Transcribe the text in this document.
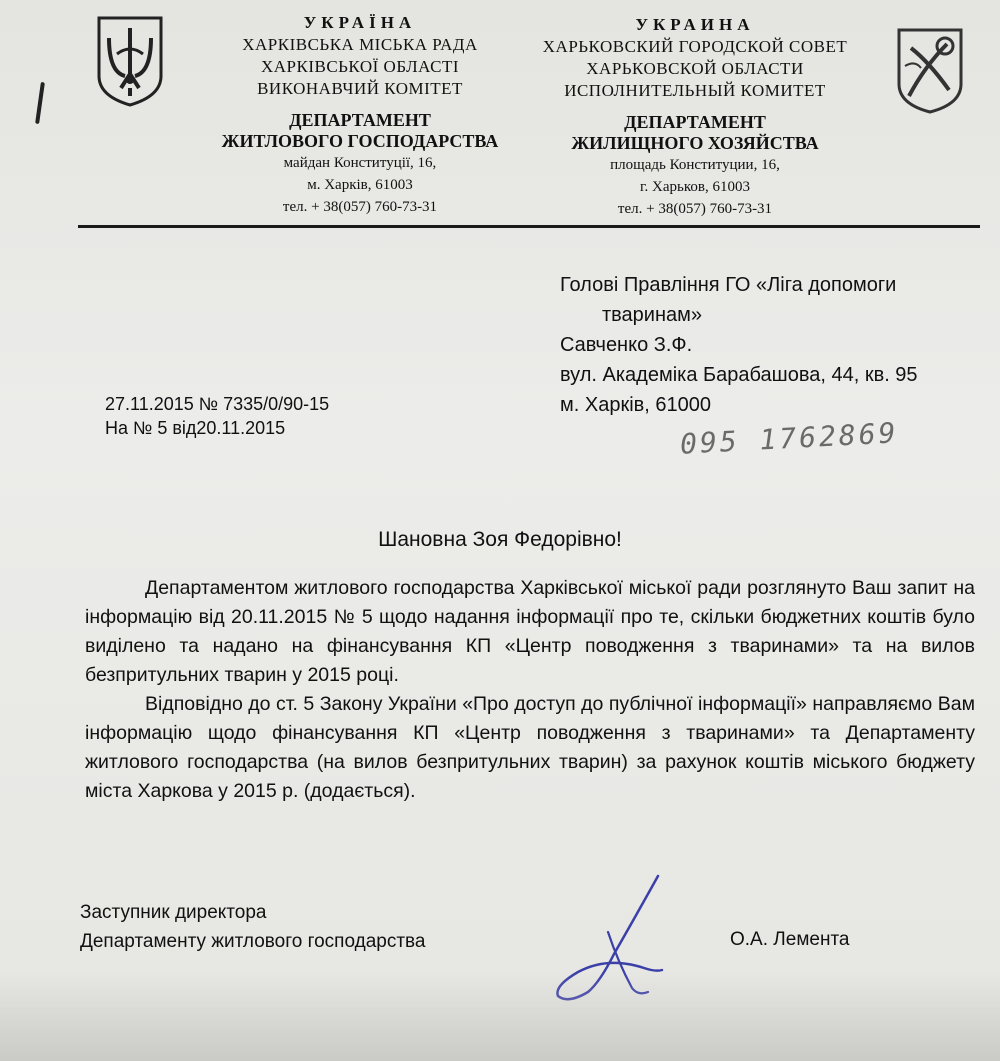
УКРАЇНА
ХАРКІВСЬКА МІСЬКА РАДА
ХАРКІВСЬКОЇ ОБЛАСТІ
ВИКОНАВЧИЙ КОМІТЕТ
ДЕПАРТАМЕНТ
ЖИТЛОВОГО ГОСПОДАРСТВА
майдан Конституції, 16,
м. Харків, 61003
тел. + 38(057) 760-73-31
УКРАИНА
ХАРЬКОВСКИЙ ГОРОДСКОЙ СОВЕТ
ХАРЬКОВСКОЙ ОБЛАСТИ
ИСПОЛНИТЕЛЬНЫЙ КОМИТЕТ
ДЕПАРТАМЕНТ
ЖИЛИЩНОГО ХОЗЯЙСТВА
площадь Конституции, 16,
г. Харьков, 61003
тел. + 38(057) 760-73-31
Голові Правління ГО «Ліга допомоги
тваринам»
Савченко З.Ф.
вул. Академіка Барабашова, 44, кв. 95
м. Харків, 61000
27.11.2015 № 7335/0/90-15
На № 5 від20.11.2015	095 1762869
Шановна Зоя Федорівно!

Департаментом житлового господарства Харківської міської ради розглянуто Ваш запит на інформацію від 20.11.2015 № 5 щодо надання інформації про те, скільки бюджетних коштів було виділено та надано на фінансування КП «Центр поводження з тваринами» та на вилов безпритульних тварин у 2015 році.

Відповідно до ст. 5 Закону України «Про доступ до публічної інформації» направляємо Вам інформацію щодо фінансування КП «Центр поводження з тваринами» та Департаменту житлового господарства (на вилов безпритульних тварин) за рахунок коштів міського бюджету міста Харкова у 2015 р. (додається).

Заступник директора
Департаменту житлового господарства	О.А. Лемента
